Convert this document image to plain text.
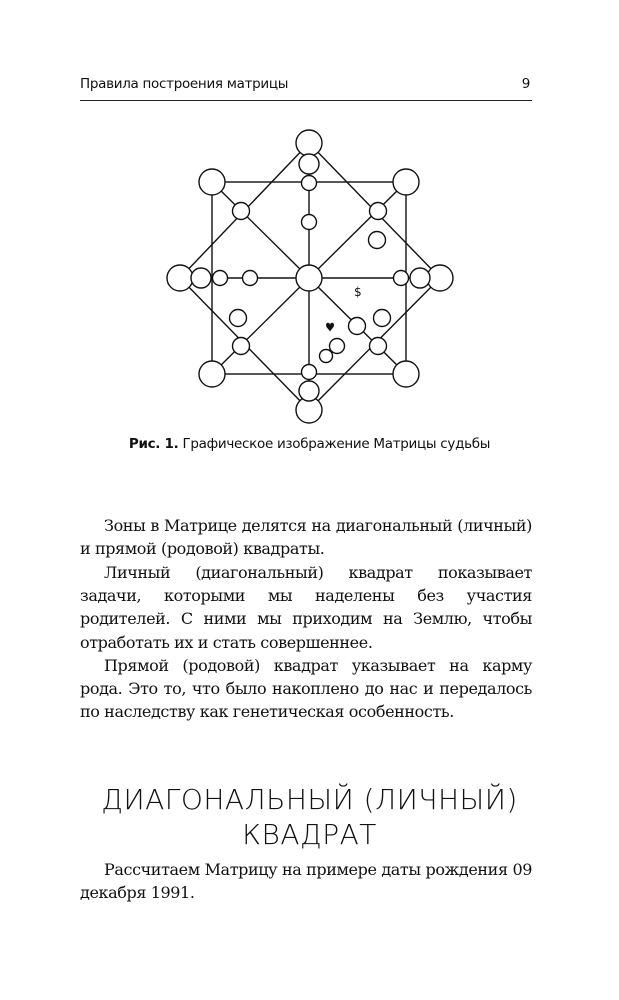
Правила построения матрицы	9
$
Рис. 1. Графическое изображение Матрицы судьбы

Зоны в Матрице делятся на диагональный (личный) и прямой (родовой) квадраты.

Личный (диагональный) квадрат показывает задачи, которыми мы наделены без участия родителей. С ними мы приходим на Землю, чтобы отработать их и стать совершеннее.

Прямой (родовой) квадрат указывает на карму рода. Это то, что было накоплено до нас и передалось по наследству как генетическая особенность.

ДИАГОНАЛЬНЫЙ (ЛИЧНЫЙ)
КВАДРАТ

Рассчитаем Матрицу на примере даты рождения 09 декабря 1991.
